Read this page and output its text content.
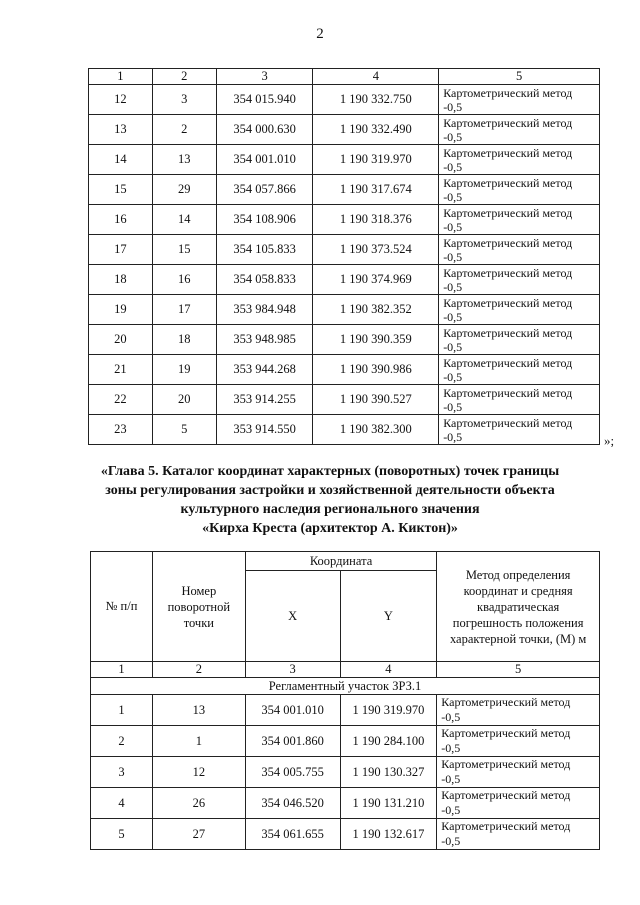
2
1	2	3	4	5
12	3	354 015.940	1 190 332.750	Картометрический метод
-0,5

13	2	354 000.630	1 190 332.490	Картометрический метод
-0,5

14	13	354 001.010	1 190 319.970	Картометрический метод
-0,5

15	29	354 057.866	1 190 317.674	Картометрический метод
-0,5

16	14	354 108.906	1 190 318.376	Картометрический метод
-0,5

17	15	354 105.833	1 190 373.524	Картометрический метод
-0,5

18	16	354 058.833	1 190 374.969	Картометрический метод
-0,5

19	17	353 984.948	1 190 382.352	Картометрический метод
-0,5

20	18	353 948.985	1 190 390.359	Картометрический метод
-0,5

21	19	353 944.268	1 190 390.986	Картометрический метод
-0,5

22	20	353 914.255	1 190 390.527	Картометрический метод
-0,5

23	5	353 914.550	1 190 382.300	Картометрический метод
-0,5	»;
«Глава 5. Каталог координат характерных (поворотных) точек границы
зоны регулирования застройки и хозяйственной деятельности объекта
культурного наследия регионального значения
«Кирха Креста (архитектор А. Киктон)»
№ п/п	Номер поворотной точки	Координата		Метод определения координат и средняя квадратическая погрешность положения характерной точки, (М) м
		X	Y	
1	2	3	4	5
Регламентный участок ЗРЗ.1				
1	13	354 001.010	1 190 319.970	Картометрический метод
-0,5

2	1	354 001.860	1 190 284.100	Картометрический метод
-0,5

3	12	354 005.755	1 190 130.327	Картометрический метод
-0,5

4	26	354 046.520	1 190 131.210	Картометрический метод
-0,5

5	27	354 061.655	1 190 132.617	Картометрический метод
-0,5
